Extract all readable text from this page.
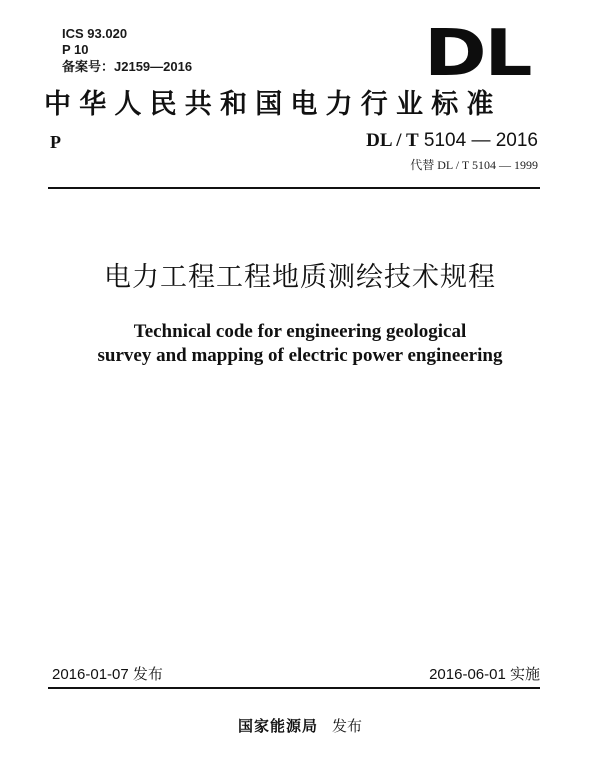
ICS 93.020
P 10
备案号：J2159—2016	DL
中华人民共和国电力行业标准
P	DL / T 5104 — 2016
代替 DL / T 5104 — 1999
电力工程工程地质测绘技术规程
Technical code for engineering geological
survey and mapping of electric power engineering
2016-01-07 发布	2016-06-01 实施
国家能源局 发布
